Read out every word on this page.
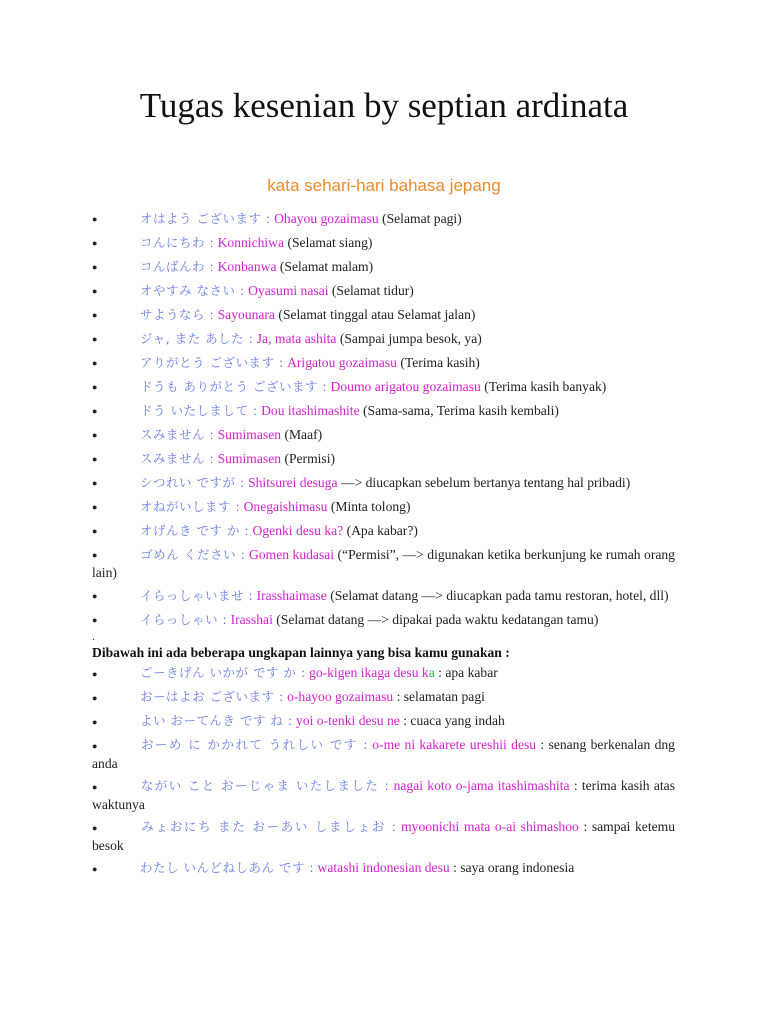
Tugas kesenian by septian ardinata
kata sehari-hari bahasa jepang
●	オはよう ございます : Ohayou gozaimasu (Selamat pagi)
●	コんにちわ : Konnichiwa (Selamat siang)
●	コんばんわ : Konbanwa (Selamat malam)
●	オやすみ なさい : Oyasumi nasai (Selamat tidur)
●	サようなら : Sayounara (Selamat tinggal atau Selamat jalan)
●	ジャ, また あした : Ja, mata ashita (Sampai jumpa besok, ya)
●	アりがとう ございます : Arigatou gozaimasu (Terima kasih)
●	ドうも ありがとう ございます : Doumo arigatou gozaimasu (Terima kasih banyak)
●	ドう いたしまして : Dou itashimashite (Sama-sama, Terima kasih kembali)
●	スみません : Sumimasen (Maaf)
●	スみません : Sumimasen (Permisi)
●	シつれい ですが : Shitsurei desuga —> diucapkan sebelum bertanya tentang hal pribadi)
●	オねがいします : Onegaishimasu (Minta tolong)
●	オげんき です か : Ogenki desu ka? (Apa kabar?)
●	ゴめん ください : Gomen kudasai (“Permisi”, —> digunakan ketika berkunjung ke rumah orang lain)
●	イらっしゃいませ : Irasshaimase (Selamat datang —> diucapkan pada tamu restoran, hotel, dll)
●	イらっしゃい : Irasshai (Selamat datang —> dipakai pada waktu kedatangan tamu)
.
Dibawah ini ada beberapa ungkapan lainnya yang bisa kamu gunakan :
●	ごーきげん いかが です か : go-kigen ikaga desu ka : apa kabar
●	おーはよお ございます : o-hayoo gozaimasu : selamatan pagi
●	よい おーてんき です ね : yoi o-tenki desu ne : cuaca yang indah
●	おーめ に かかれて うれしい です : o-me ni kakarete ureshii desu : senang berkenalan dng anda
●	ながい こと おーじゃま いたしました : nagai koto o-jama itashimashita : terima kasih atas waktunya
●	みょおにち また おーあい しましょお : myoonichi mata o-ai shimashoo : sampai ketemu besok
●	わたし いんどねしあん です : watashi indonesian desu : saya orang indonesia
